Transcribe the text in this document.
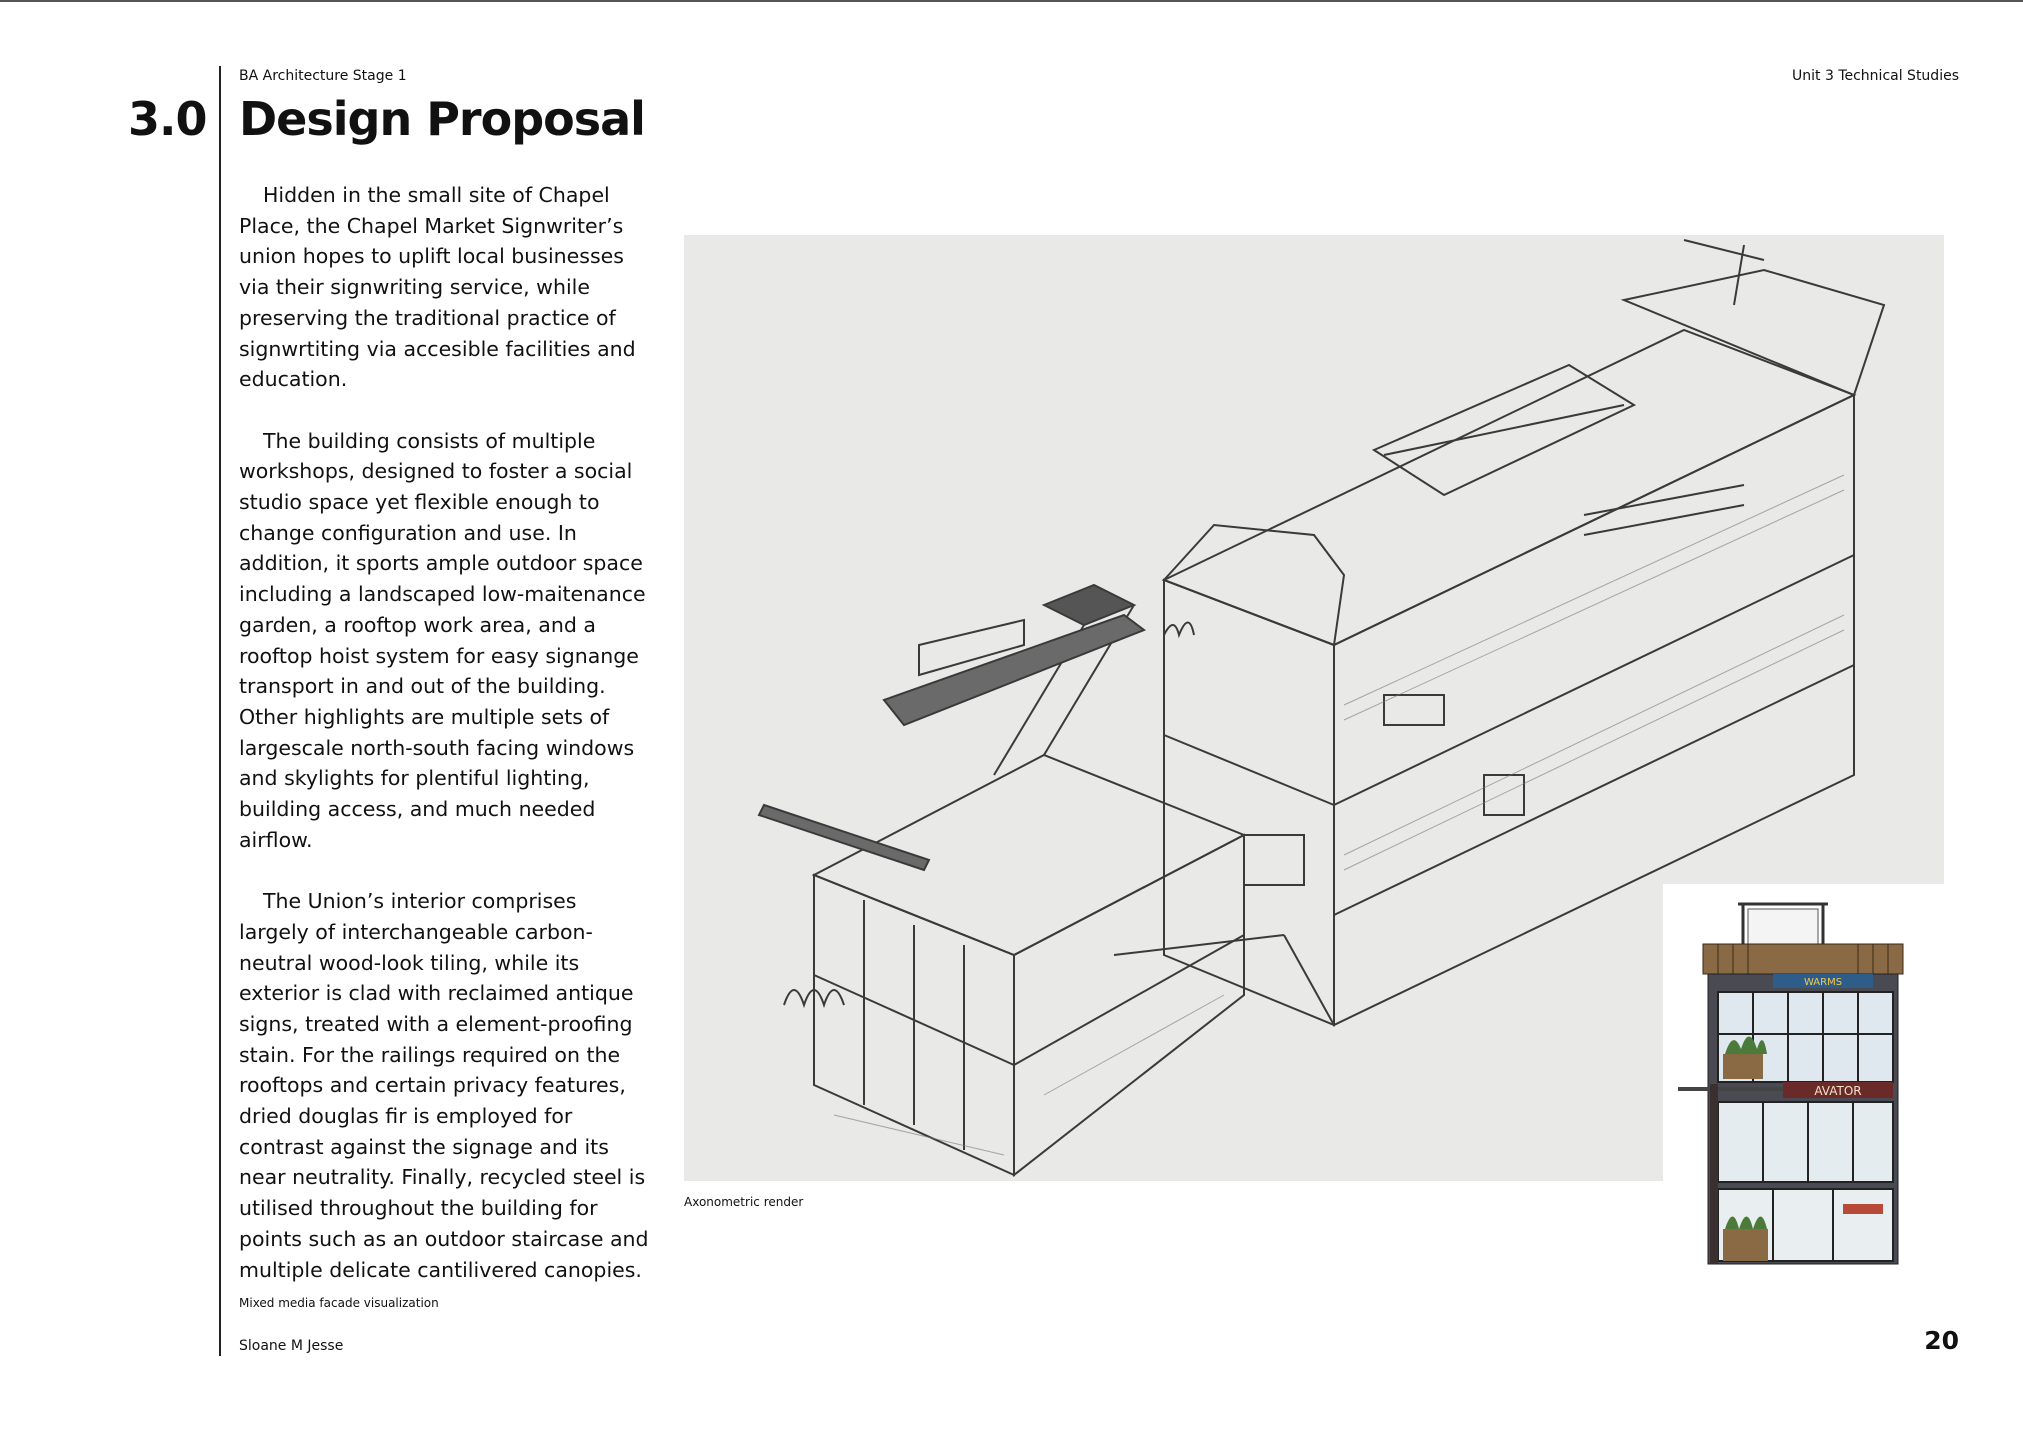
BA Architecture Stage 1	Unit 3 Technical Studies
3.0 Design Proposal

Hidden in the small site of Chapel Place, the Chapel Market Signwriter’s union hopes to uplift local businesses via their signwriting service, while preserving the traditional practice of signwrtiting via accesible facilities and education.

The building consists of multiple workshops, designed to foster a social studio space yet flexible enough to change configuration and use. In addition, it sports ample outdoor space including a landscaped low-maitenance garden, a rooftop work area, and a rooftop hoist system for easy signange transport in and out of the building. Other highlights are multiple sets of largescale north-south facing windows and skylights for plentiful lighting, building access, and much needed airflow.

The Union’s interior comprises largely of interchangeable carbon-neutral wood-look tiling, while its exterior is clad with reclaimed antique signs, treated with a element-proofing stain. For the railings required on the rooftops and certain privacy features, dried douglas fir is employed for contrast against the signage and its near neutrality. Finally, recycled steel is utilised throughout the building for points such as an outdoor staircase and multiple delicate cantilivered canopies.

WARMS
AVATOR
Axonometric render
Mixed media facade visualization
Sloane M Jesse	20
